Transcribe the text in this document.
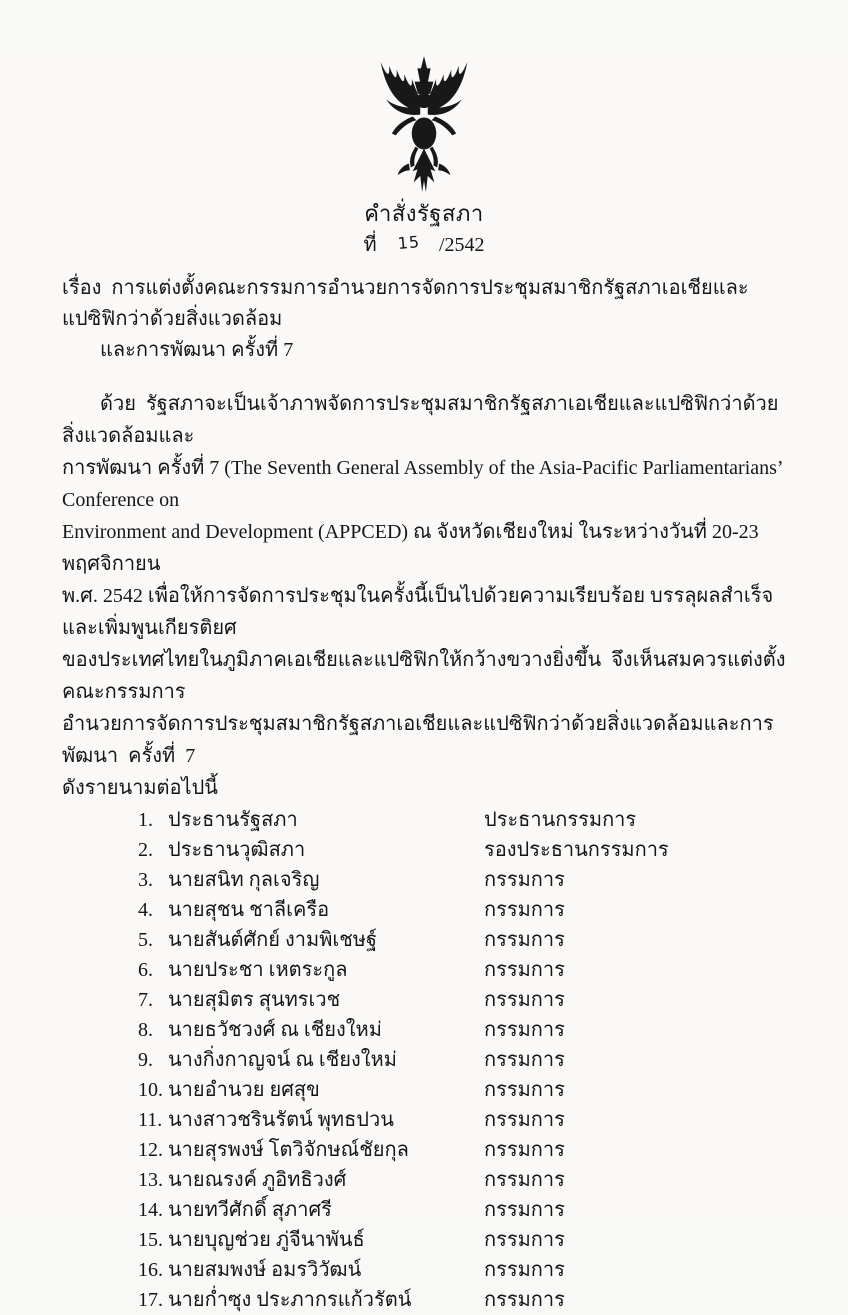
คำสั่งรัฐสภา
ที่ 15 /2542
เรื่อง การแต่งตั้งคณะกรรมการอำนวยการจัดการประชุมสมาชิกรัฐสภาเอเชียและแปซิฟิกว่าด้วยสิ่งแวดล้อม
และการพัฒนา ครั้งที่ 7
ด้วย  รัฐสภาจะเป็นเจ้าภาพจัดการประชุมสมาชิกรัฐสภาเอเชียและแปซิฟิกว่าด้วยสิ่งแวดล้อมและ
การพัฒนา ครั้งที่ 7 (The Seventh General Assembly of the Asia-Pacific Parliamentarians’ Conference on
Environment and Development (APPCED) ณ จังหวัดเชียงใหม่ ในระหว่างวันที่ 20-23 พฤศจิกายน
พ.ศ. 2542 เพื่อให้การจัดการประชุมในครั้งนี้เป็นไปด้วยความเรียบร้อย บรรลุผลสำเร็จ และเพิ่มพูนเกียรติยศ
ของประเทศไทยในภูมิภาคเอเชียและแปซิฟิกให้กว้างขวางยิ่งขึ้น  จึงเห็นสมควรแต่งตั้งคณะกรรมการ
อำนวยการจัดการประชุมสมาชิกรัฐสภาเอเชียและแปซิฟิกว่าด้วยสิ่งแวดล้อมและการพัฒนา  ครั้งที่  7
ดังรายนามต่อไปนี้
1. ประธานรัฐสภา	ประธานกรรมการ
2. ประธานวุฒิสภา	รองประธานกรรมการ
3. นายสนิท กุลเจริญ	กรรมการ
4. นายสุชน ชาลีเครือ	กรรมการ
5. นายสันต์ศักย์ งามพิเชษฐ์	กรรมการ
6. นายประชา เหตระกูล	กรรมการ
7. นายสุมิตร สุนทรเวช	กรรมการ
8. นายธวัชวงศ์ ณ เชียงใหม่	กรรมการ
9. นางกิ่งกาญจน์ ณ เชียงใหม่	กรรมการ
10. นายอำนวย ยศสุข	กรรมการ
11. นางสาวชรินรัตน์ พุทธปวน	กรรมการ
12. นายสุรพงษ์ โตวิจักษณ์ชัยกุล	กรรมการ
13. นายณรงค์ ภูอิทธิวงศ์	กรรมการ
14. นายทวีศักดิ์ สุภาศรี	กรรมการ
15. นายบุญช่วย ภู่จีนาพันธ์	กรรมการ
16. นายสมพงษ์ อมรวิวัฒน์	กรรมการ
17. นายก่ำซุง ประภากรแก้วรัตน์	กรรมการ
